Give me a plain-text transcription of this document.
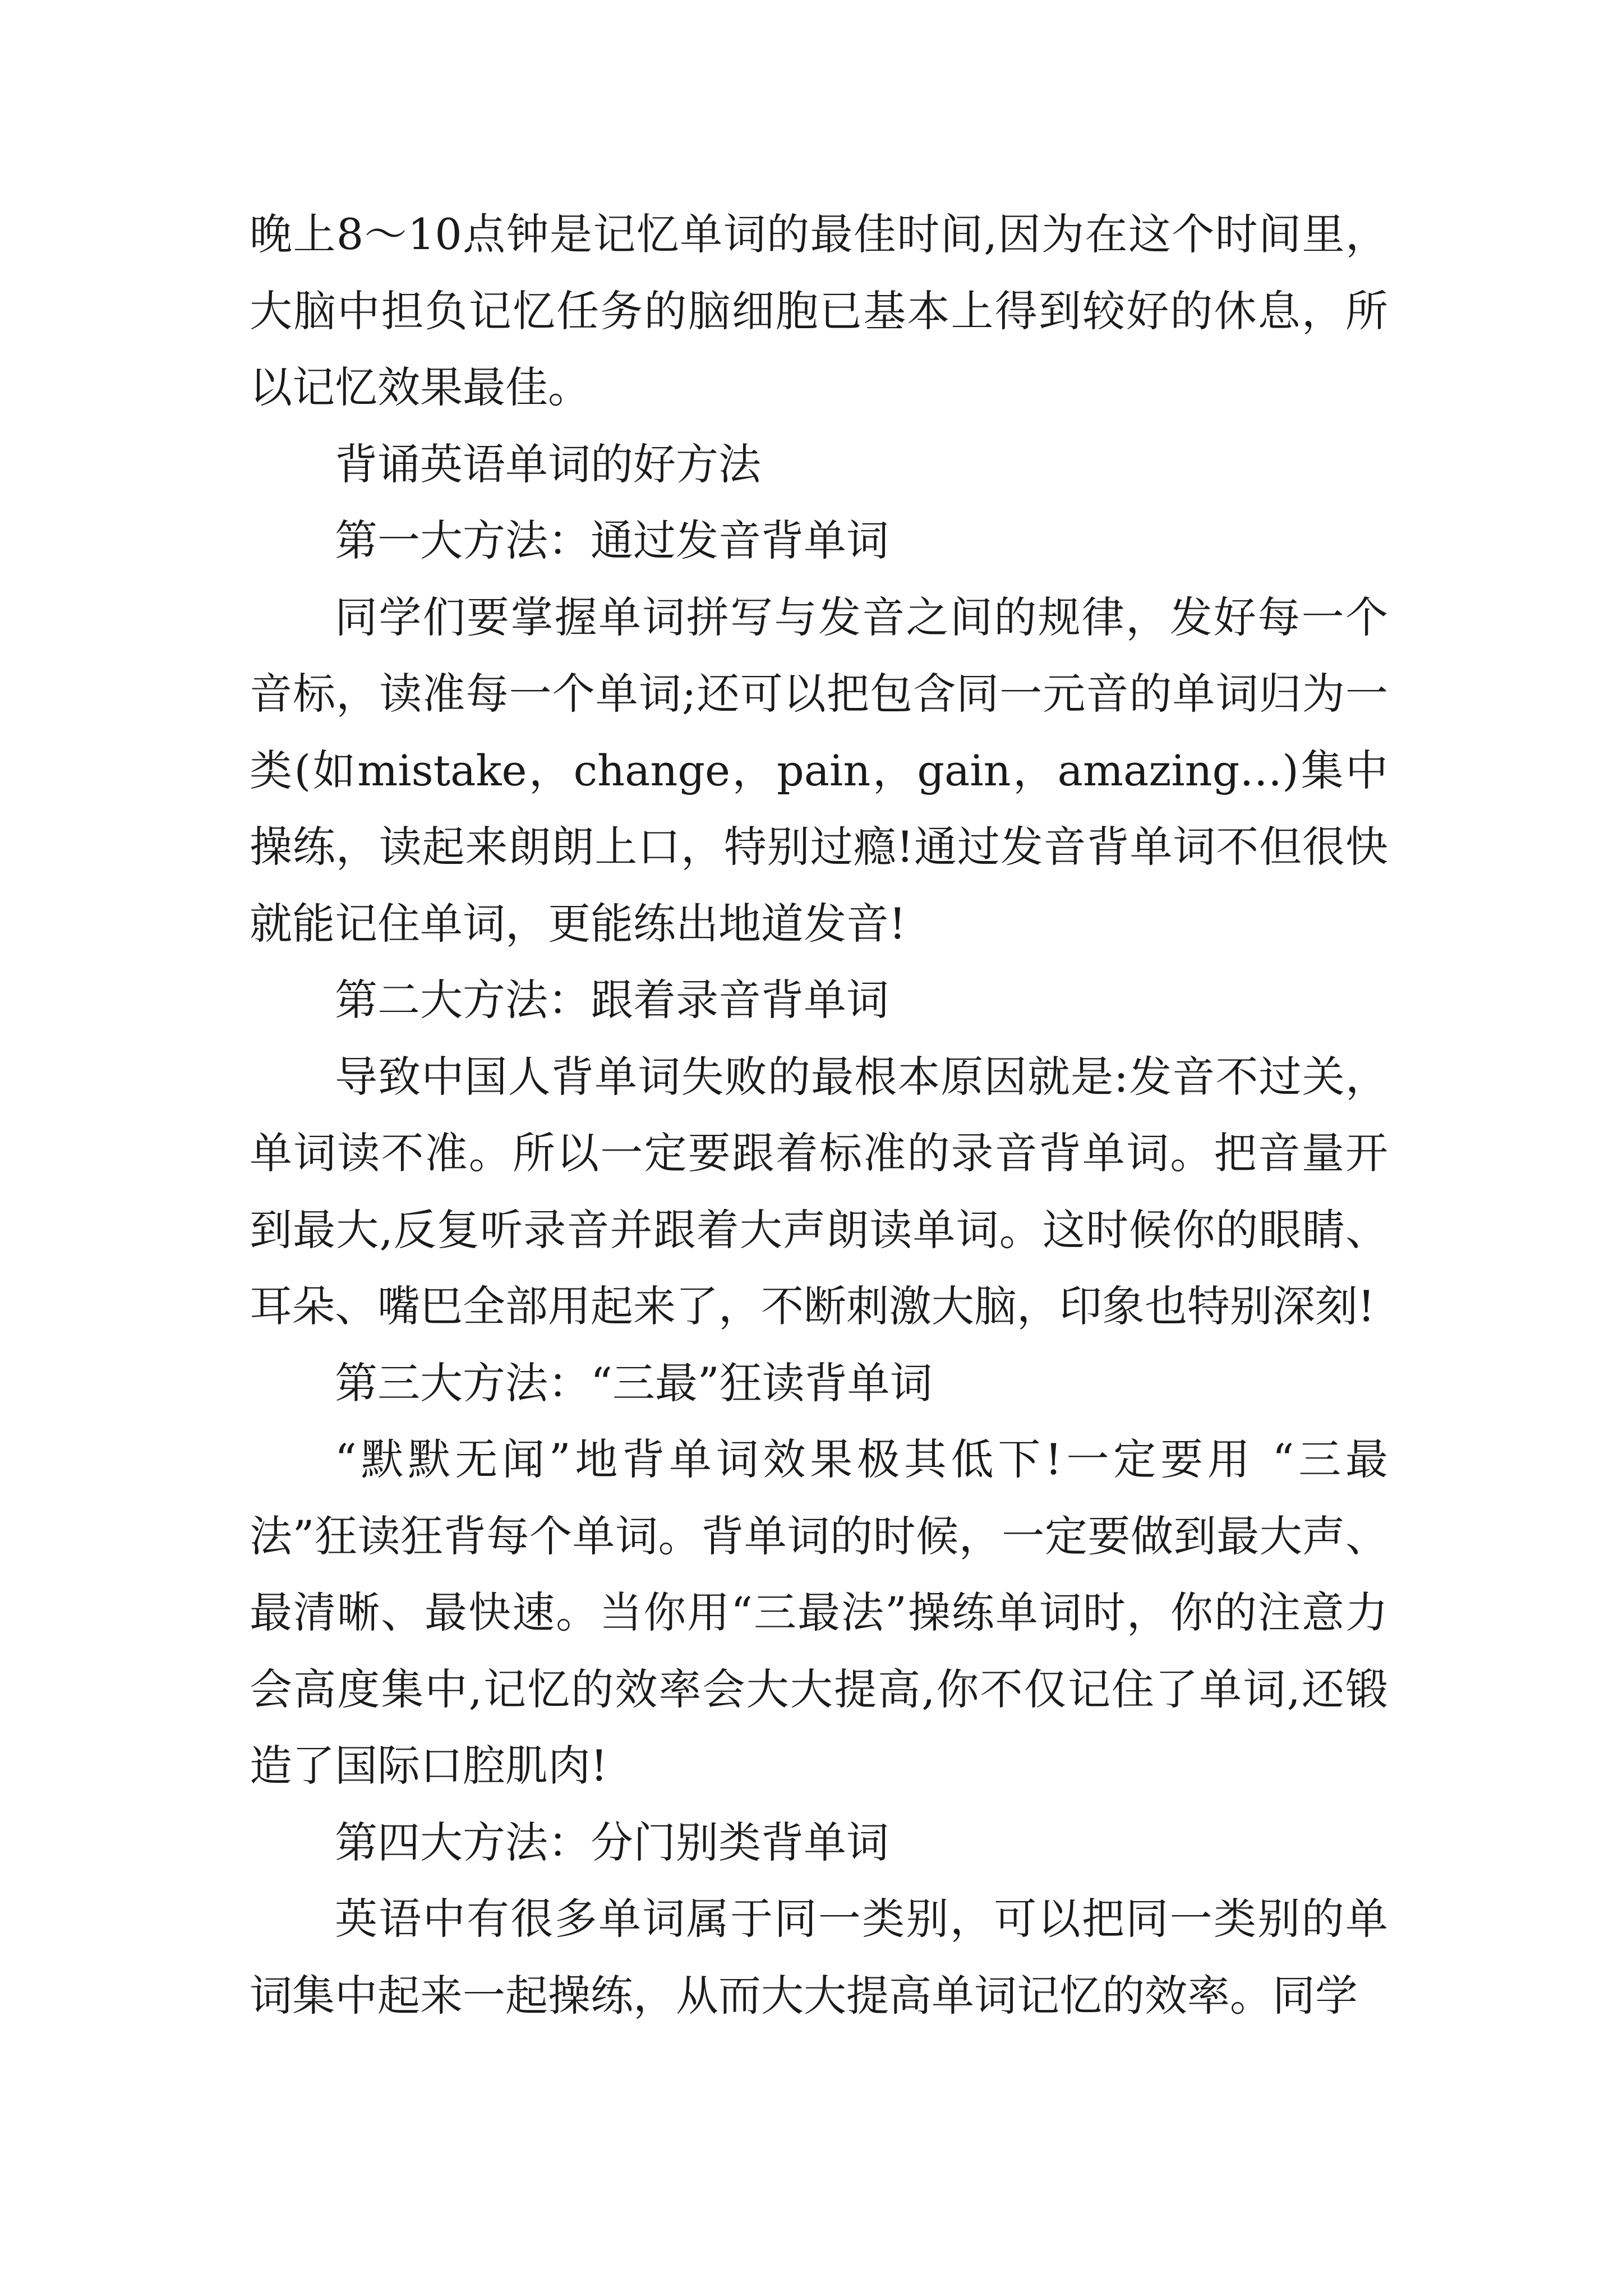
晚上8～10点钟是记忆单词的最佳时间,因为在这个时间里，大脑中担负记忆任务的脑细胞已基本上得到较好的休息，所以记忆效果最佳。

背诵英语单词的好方法

第一大方法：通过发音背单词

同学们要掌握单词拼写与发音之间的规律，发好每一个音标，读准每一个单词;还可以把包含同一元音的单词归为一类(如mistake，change，pain，gain，amazing…)集中操练，读起来朗朗上口，特别过瘾!通过发音背单词不但很快就能记住单词，更能练出地道发音!

第二大方法：跟着录音背单词

导致中国人背单词失败的最根本原因就是:发音不过关，单词读不准。所以一定要跟着标准的录音背单词。把音量开到最大,反复听录音并跟着大声朗读单词。这时候你的眼睛、耳朵、嘴巴全部用起来了，不断刺激大脑，印象也特别深刻!

第三大方法：“三最”狂读背单词

“默默无闻”地背单词效果极其低下!一定要用 “三最法”狂读狂背每个单词。背单词的时候，一定要做到最大声、最清晰、最快速。当你用“三最法”操练单词时，你的注意力会高度集中,记忆的效率会大大提高,你不仅记住了单词,还锻造了国际口腔肌肉!

第四大方法：分门别类背单词

英语中有很多单词属于同一类别，可以把同一类别的单词集中起来一起操练，从而大大提高单词记忆的效率。同学
